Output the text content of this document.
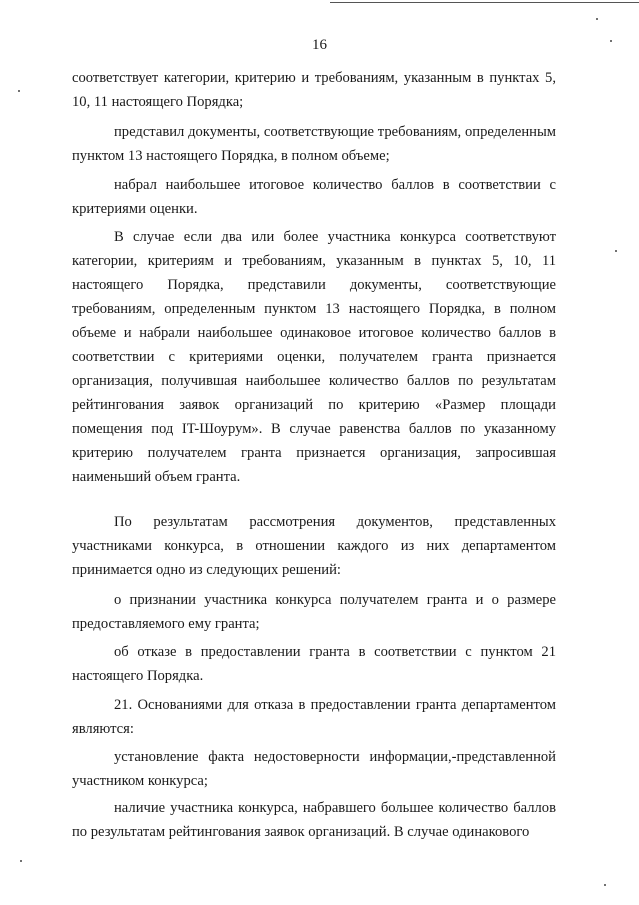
16
соответствует категории, критерию и требованиям, указанным в пунктах 5, 10, 11 настоящего Порядка;
представил документы, соответствующие требованиям, определенным пунктом 13 настоящего Порядка, в полном объеме;
набрал наибольшее итоговое количество баллов в соответствии с критериями оценки.
В случае если два или более участника конкурса соответствуют категории, критериям и требованиям, указанным в пунктах 5, 10, 11 настоящего Порядка, представили документы, соответствующие требованиям, определенным пунктом 13 настоящего Порядка, в полном объеме и набрали наибольшее одинаковое итоговое количество баллов в соответствии с критериями оценки, получателем гранта признается организация, получившая наибольшее количество баллов по результатам рейтингования заявок организаций по критерию «Размер площади помещения под IT-Шоурум». В случае равенства баллов по указанному критерию получателем гранта признается организация, запросившая наименьший объем гранта.
По результатам рассмотрения документов, представленных участниками конкурса, в отношении каждого из них департаментом принимается одно из следующих решений:
о признании участника конкурса получателем гранта и о размере предоставляемого ему гранта;
об отказе в предоставлении гранта в соответствии с пунктом 21 настоящего Порядка.
21. Основаниями для отказа в предоставлении гранта департаментом являются:
установление факта недостоверности информации,-представленной участником конкурса;
наличие участника конкурса, набравшего большее количество баллов по результатам рейтингования заявок организаций. В случае одинакового
